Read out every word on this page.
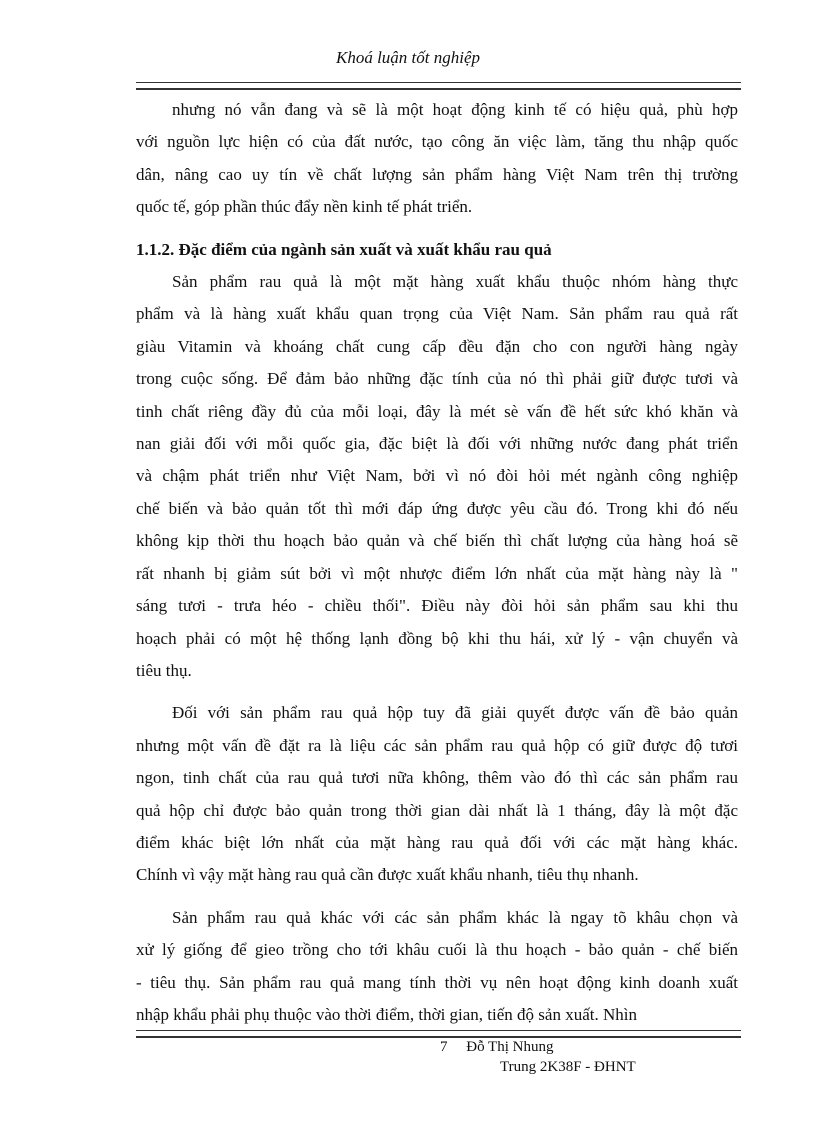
Khoá luận tốt nghiệp

nhưng nó vẫn đang và sẽ là một hoạt động kinh tế có hiệu quả, phù hợp
với nguồn lực hiện có của đất nước, tạo công ăn việc làm, tăng thu nhập quốc
dân, nâng cao uy tín về chất lượng sản phẩm hàng Việt Nam trên thị trường
quốc tế, góp phần thúc đẩy nền kinh tế phát triển.

1.1.2. Đặc điểm của ngành sản xuất và xuất khẩu rau quả

Sản phẩm rau quả là một mặt hàng xuất khẩu thuộc nhóm hàng thực
phẩm và là hàng xuất khẩu quan trọng của Việt Nam. Sản phẩm rau quả rất
giàu Vitamin và khoáng chất cung cấp đều đặn cho con người hàng ngày
trong cuộc sống. Để đảm bảo những đặc tính của nó thì phải giữ được tươi và
tinh chất riêng đầy đủ của mỗi loại, đây là mét sè vấn đề hết sức khó khăn và
nan giải đối với mỗi quốc gia, đặc biệt là đối với những nước đang phát triển
và chậm phát triển như Việt Nam, bởi vì nó đòi hỏi mét ngành công nghiệp
chế biến và bảo quản tốt thì mới đáp ứng được yêu cầu đó. Trong khi đó nếu
không kịp thời thu hoạch bảo quản và chế biến thì chất lượng của hàng hoá sẽ
rất nhanh bị giảm sút bởi vì một nhược điểm lớn nhất của mặt hàng này là "
sáng tươi - trưa héo - chiều thối". Điều này đòi hỏi sản phẩm sau khi thu
hoạch phải có một hệ thống lạnh đồng bộ khi thu hái, xử lý - vận chuyển và
tiêu thụ.

Đối với sản phẩm rau quả hộp tuy đã giải quyết được vấn đề bảo quản
nhưng một vấn đề đặt ra là liệu các sản phẩm rau quả hộp có giữ được độ tươi
ngon, tinh chất của rau quả tươi nữa không, thêm vào đó thì các sản phẩm rau
quả hộp chỉ được bảo quản trong thời gian dài nhất là 1 tháng, đây là một đặc
điểm khác biệt lớn nhất của mặt hàng rau quả đối với các mặt hàng khác.
Chính vì vậy mặt hàng rau quả cần được xuất khẩu nhanh, tiêu thụ nhanh.

Sản phẩm rau quả khác với các sản phẩm khác là ngay tõ khâu chọn và
xử lý giống để gieo trồng cho tới khâu cuối là thu hoạch - bảo quản - chế biến
- tiêu thụ. Sản phẩm rau quả mang tính thời vụ nên hoạt động kinh doanh xuất
nhập khẩu phải phụ thuộc vào thời điểm, thời gian, tiến độ sản xuất. Nhìn

7 Đỗ Thị Nhung
Trung 2K38F - ĐHNT
